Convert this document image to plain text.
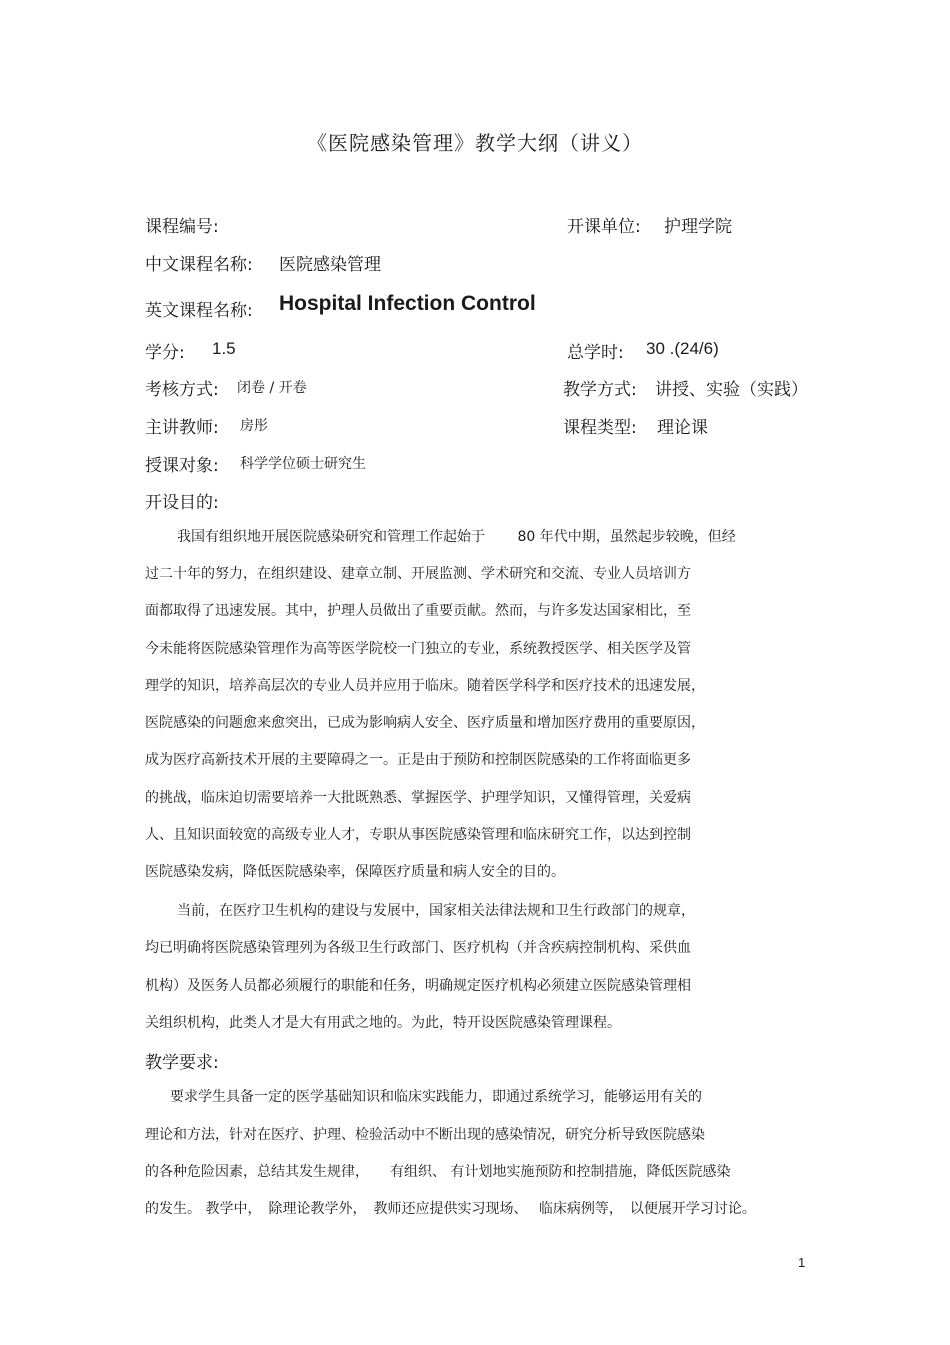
《医院感染管理》教学大纲（讲义）
课程编号:	开课单位: 护理学院
中文课程名称: 医院感染管理
英文课程名称: Hospital Infection Control
学分: 1.5	总学时: 30 .(24/6)
考核方式: 闭卷 / 开卷	教学方式: 讲授、实验（实践）
主讲教师: 房彤	课程类型: 理论课
授课对象: 科学学位硕士研究生
开设目的:
我国有组织地开展医院感染研究和管理工作起始于　　 80 年代中期，虽然起步较晚，但经
过二十年的努力，在组织建设、建章立制、开展监测、学术研究和交流、专业人员培训方
面都取得了迅速发展。其中，护理人员做出了重要贡献。然而，与许多发达国家相比，至
今未能将医院感染管理作为高等医学院校一门独立的专业，系统教授医学、相关医学及管
理学的知识，培养高层次的专业人员并应用于临床。随着医学科学和医疗技术的迅速发展，
医院感染的问题愈来愈突出，已成为影响病人安全、医疗质量和增加医疗费用的重要原因，
成为医疗高新技术开展的主要障碍之一。正是由于预防和控制医院感染的工作将面临更多
的挑战，临床迫切需要培养一大批既熟悉、掌握医学、护理学知识，又懂得管理，关爱病
人、且知识面较宽的高级专业人才，专职从事医院感染管理和临床研究工作，以达到控制
医院感染发病，降低医院感染率，保障医疗质量和病人安全的目的。
当前，在医疗卫生机构的建设与发展中，国家相关法律法规和卫生行政部门的规章，
均已明确将医院感染管理列为各级卫生行政部门、医疗机构（并含疾病控制机构、采供血
机构）及医务人员都必须履行的职能和任务，明确规定医疗机构必须建立医院感染管理相
关组织机构，此类人才是大有用武之地的。为此，特开设医院感染管理课程。
教学要求:
要求学生具备一定的医学基础知识和临床实践能力，即通过系统学习，能够运用有关的
理论和方法，针对在医疗、护理、检验活动中不断出现的感染情况，研究分析导致医院感染
的各种危险因素，总结其发生规律，　　有组织、 有计划地实施预防和控制措施，降低医院感染
的发生。 教学中，　除理论教学外，　教师还应提供实习现场、　 临床病例等，　以便展开学习讨论。
1
